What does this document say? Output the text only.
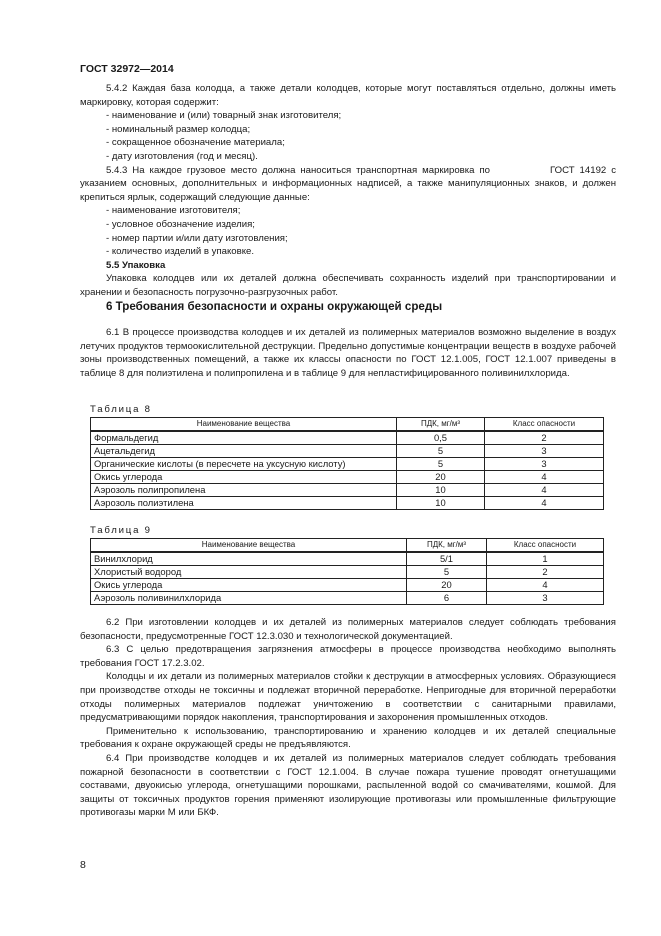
ГОСТ 32972—2014

5.4.2 Каждая база колодца, а также детали колодцев, которые могут поставляться отдельно, должны иметь маркировку, которая содержит:

- наименование и (или) товарный знак изготовителя;

- номинальный размер колодца;

- сокращенное обозначение материала;

- дату изготовления (год и месяц).

5.4.3 На каждое грузовое место должна наноситься транспортная маркировка по	ГОСТ 14192 с указанием основных, дополнительных и информационных надписей, а также манипуляционных знаков, и должен крепиться ярлык, содержащий следующие данные:

- наименование изготовителя;

- условное обозначение изделия;

- номер партии и/или дату изготовления;

- количество изделий в упаковке.

5.5 Упаковка

Упаковка колодцев или их деталей должна обеспечивать сохранность изделий при транспортировании и хранении и безопасность погрузочно-разгрузочных работ.

6 Требования безопасности и охраны окружающей среды

6.1 В процессе производства колодцев и их деталей из полимерных материалов возможно выделение в воздух летучих продуктов термоокислительной деструкции. Предельно допустимые концентрации веществ в воздухе рабочей зоны производственных помещений, а также их классы опасности по ГОСТ 12.1.005, ГОСТ 12.1.007 приведены в таблице 8 для полиэтилена и полипропилена и в таблице 9 для непластифицированного поливинилхлорида.

Таблица 8
Наименование вещества	ПДК, мг/м³	Класс опасности
Формальдегид	0,5	2
Ацетальдегид	5	3
Органические кислоты (в пересчете на уксусную кислоту)	5	3
Окись углерода	20	4
Аэрозоль полипропилена	10	4
Аэрозоль полиэтилена	10	4
Таблица 9
Наименование вещества	ПДК, мг/м³	Класс опасности
Винилхлорид	5/1	1
Хлористый водород	5	2
Окись углерода	20	4
Аэрозоль поливинилхлорида	6	3

6.2 При изготовлении колодцев и их деталей из полимерных материалов следует соблюдать требования безопасности, предусмотренные ГОСТ 12.3.030 и технологической документацией.

6.3 С целью предотвращения загрязнения атмосферы в процессе производства необходимо выполнять требования ГОСТ 17.2.3.02.

Колодцы и их детали из полимерных материалов стойки к деструкции в атмосферных условиях. Образующиеся при производстве отходы не токсичны и подлежат вторичной переработке. Непригодные для вторичной переработки отходы полимерных материалов подлежат уничтожению в соответствии с санитарными правилами, предусматривающими порядок накопления, транспортирования и захоронения промышленных отходов.

Применительно к использованию, транспортированию и хранению колодцев и их деталей специальные требования к охране окружающей среды не предъявляются.

6.4 При производстве колодцев и их деталей из полимерных материалов следует соблюдать требования пожарной безопасности в соответствии с ГОСТ 12.1.004. В случае пожара тушение проводят огнетушащими составами, двуокисью углерода, огнетушащими порошками, распыленной водой со смачивателями, кошмой. Для защиты от токсичных продуктов горения применяют изолирующие противогазы или промышленные фильтрующие противогазы марки М или БКФ.

8
